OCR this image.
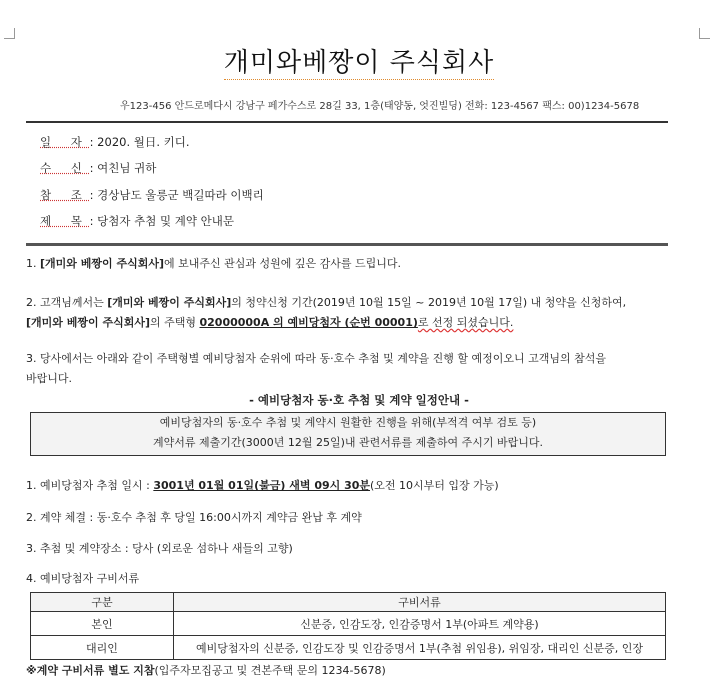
개미와베짱이 주식회사
우123-456 안드로메다시 강남구 페가수스로 28길 33, 1층(태양동, 엇진빌딩) 전화: 123-4567 팩스: 00)1234-5678
일 자 : 2020. 월日. 키디.
수 신 : 여친님 귀하
참 조 : 경상남도 울릉군 백길따라 이백리
제 목 : 당첨자 추첨 및 계약 안내문
1. [개미와 베짱이 주식회사]에 보내주신 관심과 성원에 깊은 감사를 드립니다.
2. 고객님께서는 [개미와 베짱이 주식회사]의 청약신청 기간(2019년 10월 15일 ~ 2019년 10월 17일) 내 청약을 신청하여,
[개미와 베짱이 주식회사]의 주택형 02000000A 의 예비당첨자 (순번 00001)로 선정 되셨습니다.
3. 당사에서는 아래와 같이 주택형별 예비당첨자 순위에 따라 동·호수 추첨 및 계약을 진행 할 예정이오니 고객님의 참석을
바랍니다.
- 예비당첨자 동·호 추첨 및 계약 일정안내 -
예비당첨자의 동·호수 추첨 및 계약시 원활한 진행을 위해(부적격 여부 검토 등)
계약서류 제출기간(3000년 12월 25일)내 관련서류를 제출하여 주시기 바랍니다.
1. 예비당첨자 추첨 일시 : 3001년 01월 01일(불금) 새벽 09시 30분(오전 10시부터 입장 가능)
2. 계약 체결 : 동·호수 추첨 후 당일 16:00시까지 계약금 완납 후 계약
3. 추첨 및 계약장소 : 당사 (외로운 섬하나 새들의 고향)
4. 예비당첨자 구비서류
구분	구비서류
본인	신분증, 인감도장, 인감증명서 1부(아파트 계약용)
대리인	예비당첨자의 신분증, 인감도장 및 인감증명서 1부(추첨 위임용), 위임장, 대리인 신분증, 인장
※계약 구비서류 별도 지참(입주자모집공고 및 견본주택 문의 1234-5678)
